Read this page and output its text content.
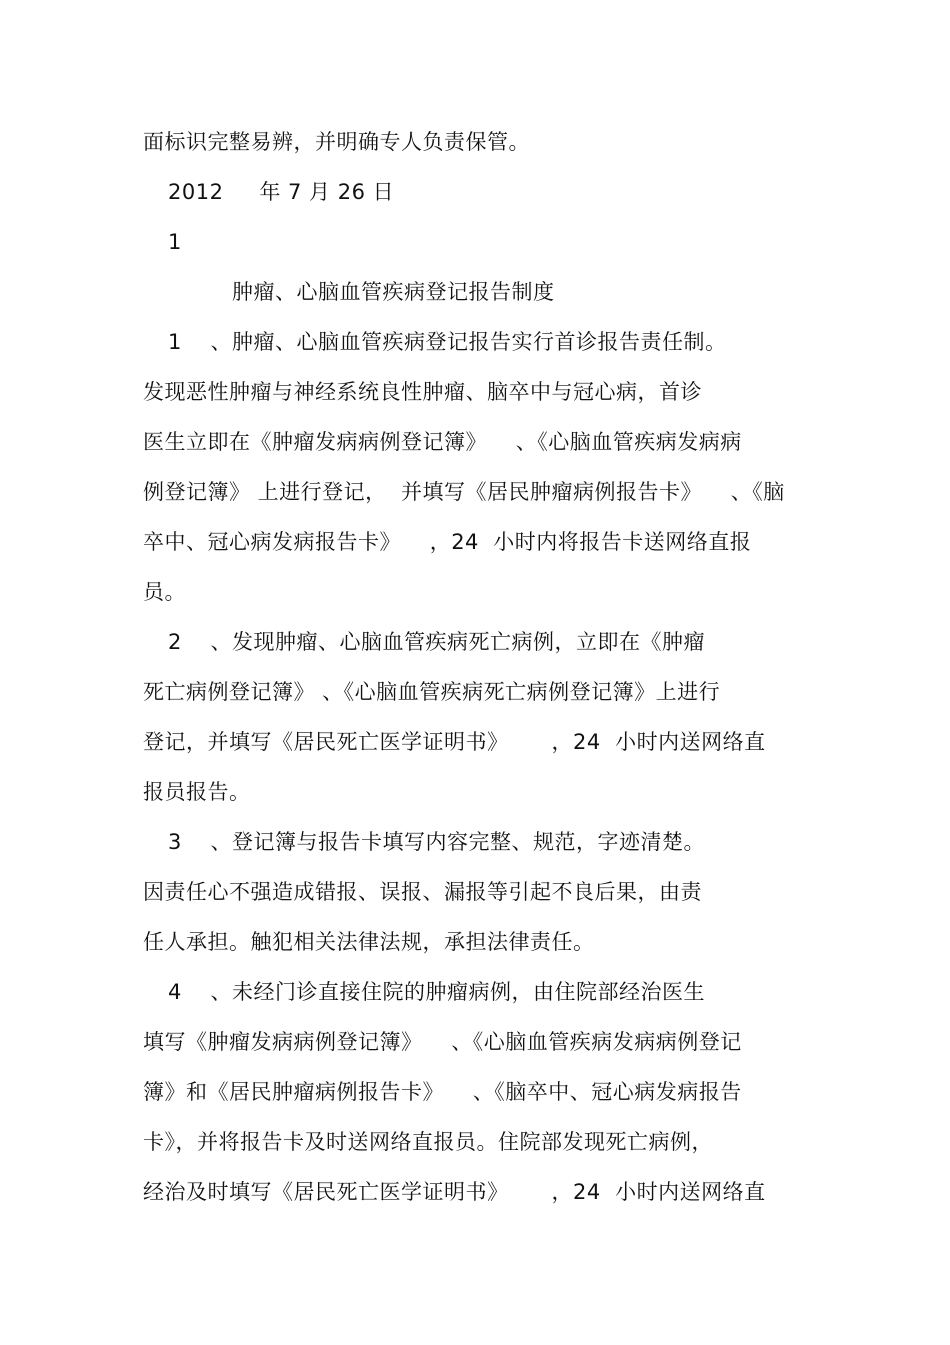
面标识完整易辨，并明确专人负责保管。
2012     年 7 月 26 日
1
肿瘤、心脑血管疾病登记报告制度
1    、肿瘤、心脑血管疾病登记报告实行首诊报告责任制。
发现恶性肿瘤与神经系统良性肿瘤、脑卒中与冠心病，首诊
医生立即在《肿瘤发病病例登记簿》    、《心脑血管疾病发病病
例登记簿》 上进行登记，  并填写《居民肿瘤病例报告卡》    、《脑
卒中、冠心病发病报告卡》    ，24  小时内将报告卡送网络直报
员。
2    、发现肿瘤、心脑血管疾病死亡病例，立即在《肿瘤
死亡病例登记簿》 、《心脑血管疾病死亡病例登记簿》上进行
登记，并填写《居民死亡医学证明书》      ，24  小时内送网络直
报员报告。
3    、登记簿与报告卡填写内容完整、规范，字迹清楚。
因责任心不强造成错报、误报、漏报等引起不良后果，由责
任人承担。触犯相关法律法规，承担法律责任。
4    、未经门诊直接住院的肿瘤病例，由住院部经治医生
填写《肿瘤发病病例登记簿》    、《心脑血管疾病发病病例登记
簿》和《居民肿瘤病例报告卡》    、《脑卒中、冠心病发病报告
卡》，并将报告卡及时送网络直报员。住院部发现死亡病例，
经治及时填写《居民死亡医学证明书》      ，24  小时内送网络直
